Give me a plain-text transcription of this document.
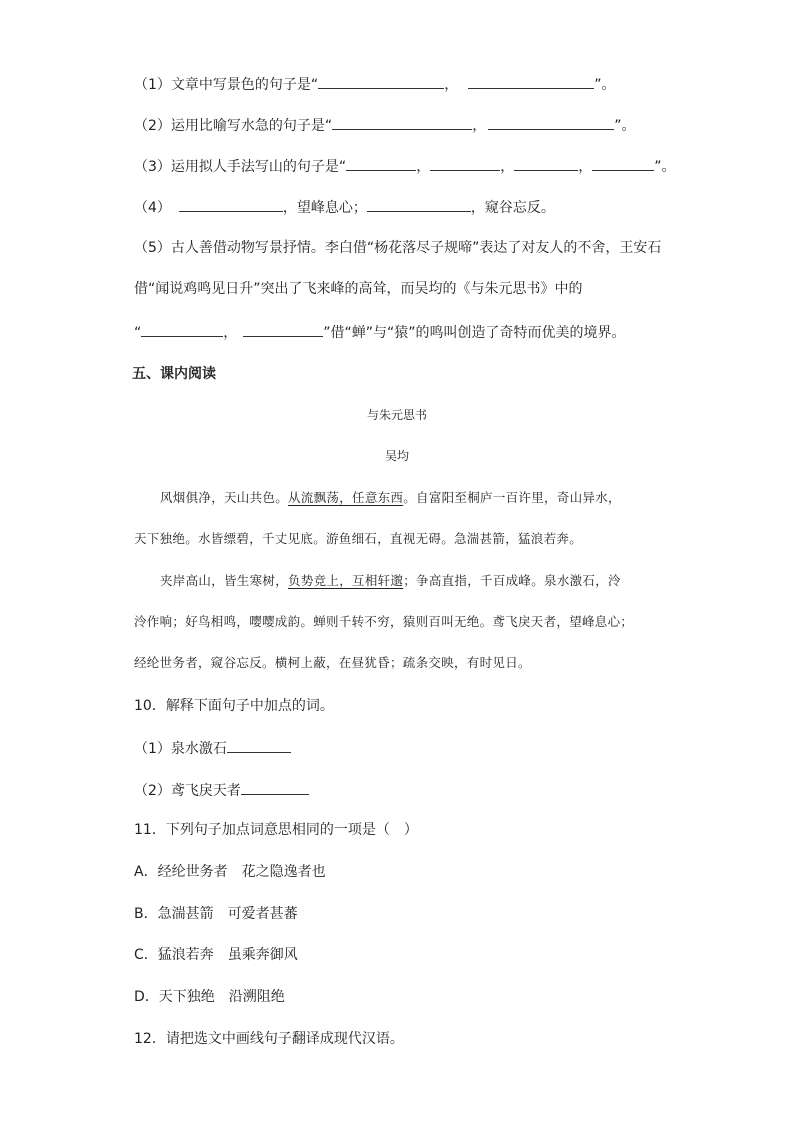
（1）文章中写景色的句子是“	，	”。
（2）运用比喻写水急的句子是“	，	”。
（3）运用拟人手法写山的句子是“	，	，	，	”。
（4）	，望峰息心；	，窥谷忘反。
（5）古人善借动物写景抒情。李白借“杨花落尽子规啼”表达了对友人的不舍，王安石
借“闻说鸡鸣见日升”突出了飞来峰的高耸，而吴均的《与朱元思书》中的
“	，	”借“蝉”与“猿”的鸣叫创造了奇特而优美的境界。
五、课内阅读
与朱元思书
吴均
风烟俱净，天山共色。从流飘荡，任意东西。自富阳至桐庐一百许里，奇山异水，
天下独绝。水皆缥碧，千丈见底。游鱼细石，直视无碍。急湍甚箭，猛浪若奔。
夹岸高山，皆生寒树，负势竞上，互相轩邈；争高直指，千百成峰。泉水激石，泠
泠作响；好鸟相鸣，嘤嘤成韵。蝉则千转不穷，猿则百叫无绝。鸢飞戾天者，望峰息心；
经纶世务者，窥谷忘反。横柯上蔽，在昼犹昏；疏条交映，有时见日。
10．解释下面句子中加点的词。
（1）泉水激石
（2）鸢飞戾天者
11．下列句子加点词意思相同的一项是（　）
A．经纶世务者　花之隐逸者也
B．急湍甚箭　可爱者甚蕃
C．猛浪若奔　虽乘奔御风
D．天下独绝　沿溯阻绝
12．请把选文中画线句子翻译成现代汉语。
